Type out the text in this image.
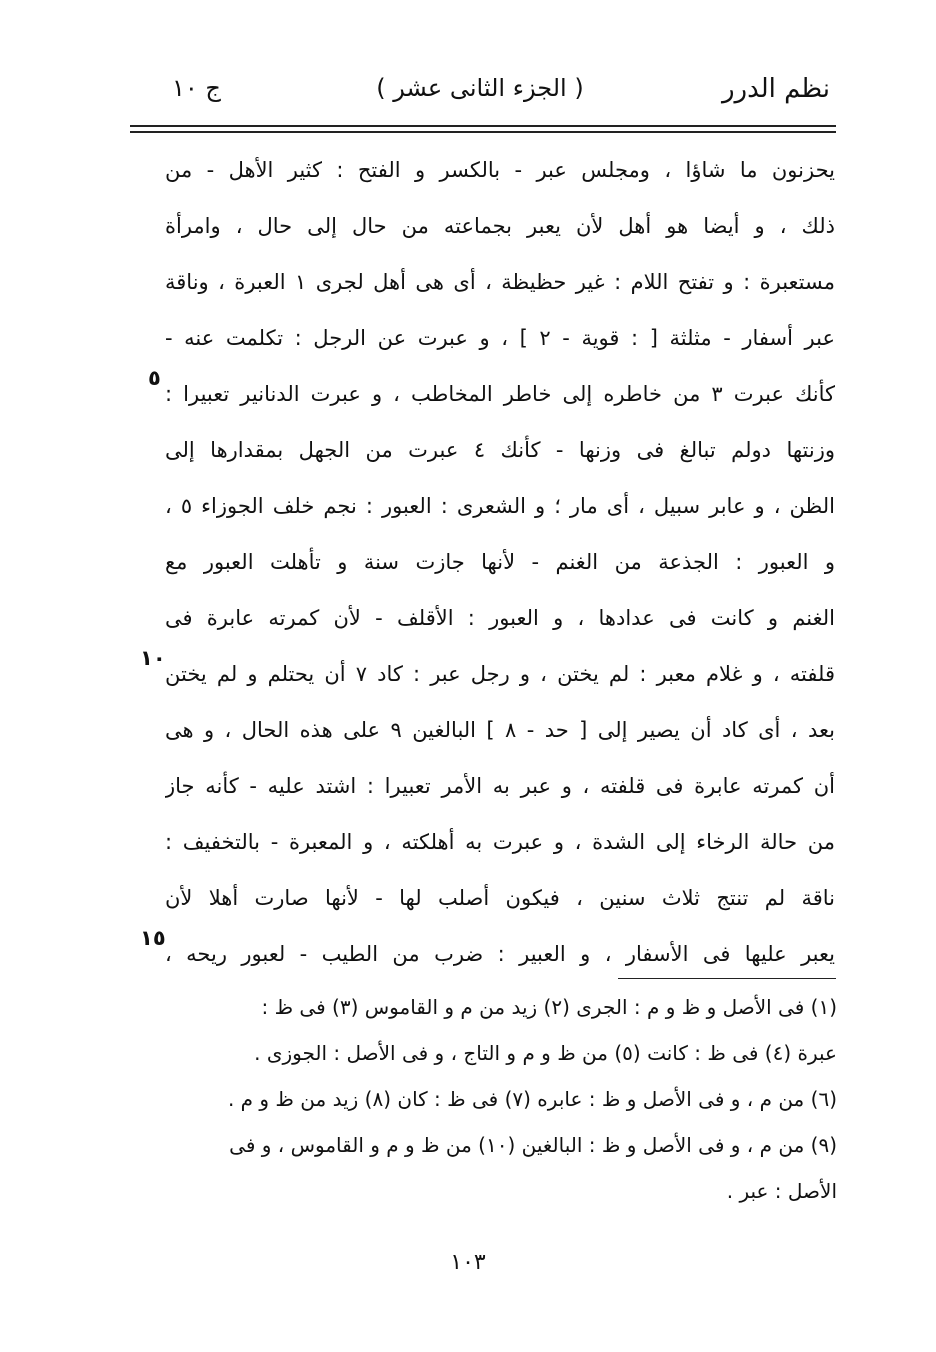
نظم الدرر
( الجزء الثانى عشر )
ج ١٠
يحزنون ما شاؤا ، ومجلس عبر - بالكسر و الفتح : كثير الأهل - من
ذلك ، و أيضا هو أهل لأن يعبر بجماعته من حال إلى حال ، وامرأة
مستعبرة : و تفتح اللام : غير حظيظة ، أى هى أهل لجرى ١ العبرة ، وناقة
عبر أسفار - مثلثة [ : قوية - ٢ ] ، و عبرت عن الرجل : تكلمت عنه -
كأنك عبرت ٣ من خاطره إلى خاطر المخاطب ، و عبرت الدنانير تعبيرا :
وزنتها دولم تبالغ فى وزنها - كأنك ٤ عبرت من الجهل بمقدارها إلى
الظن ، و عابر سبيل ، أى مار ؛ و الشعرى : العبور : نجم خلف الجوزاء ٥ ،
و العبور : الجذعة من الغنم - لأنها جازت سنة و تأهلت العبور مع
الغنم و كانت فى عدادها ، و العبور : الأقلف - لأن كمرته عابرة فى
قلفته ، و غلام معبر : لم يختن ، و رجل عبر : كاد ٧ أن يحتلم و لم يختن
بعد ، أى كاد أن يصير إلى [ حد - ٨ ] البالغين ٩ على هذه الحال ، و هى
أن كمرته عابرة فى قلفته ، و عبر به الأمر تعبيرا : اشتد عليه - كأنه جاز
من حالة الرخاء إلى الشدة ، و عبرت به أهلكته ، و المعبرة - بالتخفيف :
ناقة لم تنتج ثلاث سنين ، فيكون أصلب لها - لأنها صارت أهلا لأن
يعبر عليها فى الأسفار ، و العبير : ضرب من الطيب - لعبور ريحه ،
٥
١٠
١٥
(١) فى الأصل و ظ و م : الجرى (٢) زيد من م و القاموس (٣) فى ظ :
عبرة (٤) فى ظ : كانت (٥) من ظ و م و التاج ، و فى الأصل : الجوزى .
(٦) من م ، و فى الأصل و ظ : عابره (٧) فى ظ : كان (٨) زيد من ظ و م .
(٩) من م ، و فى الأصل و ظ : البالغين (١٠) من ظ و م و القاموس ، و فى
الأصل : عبر .
١٠٣
